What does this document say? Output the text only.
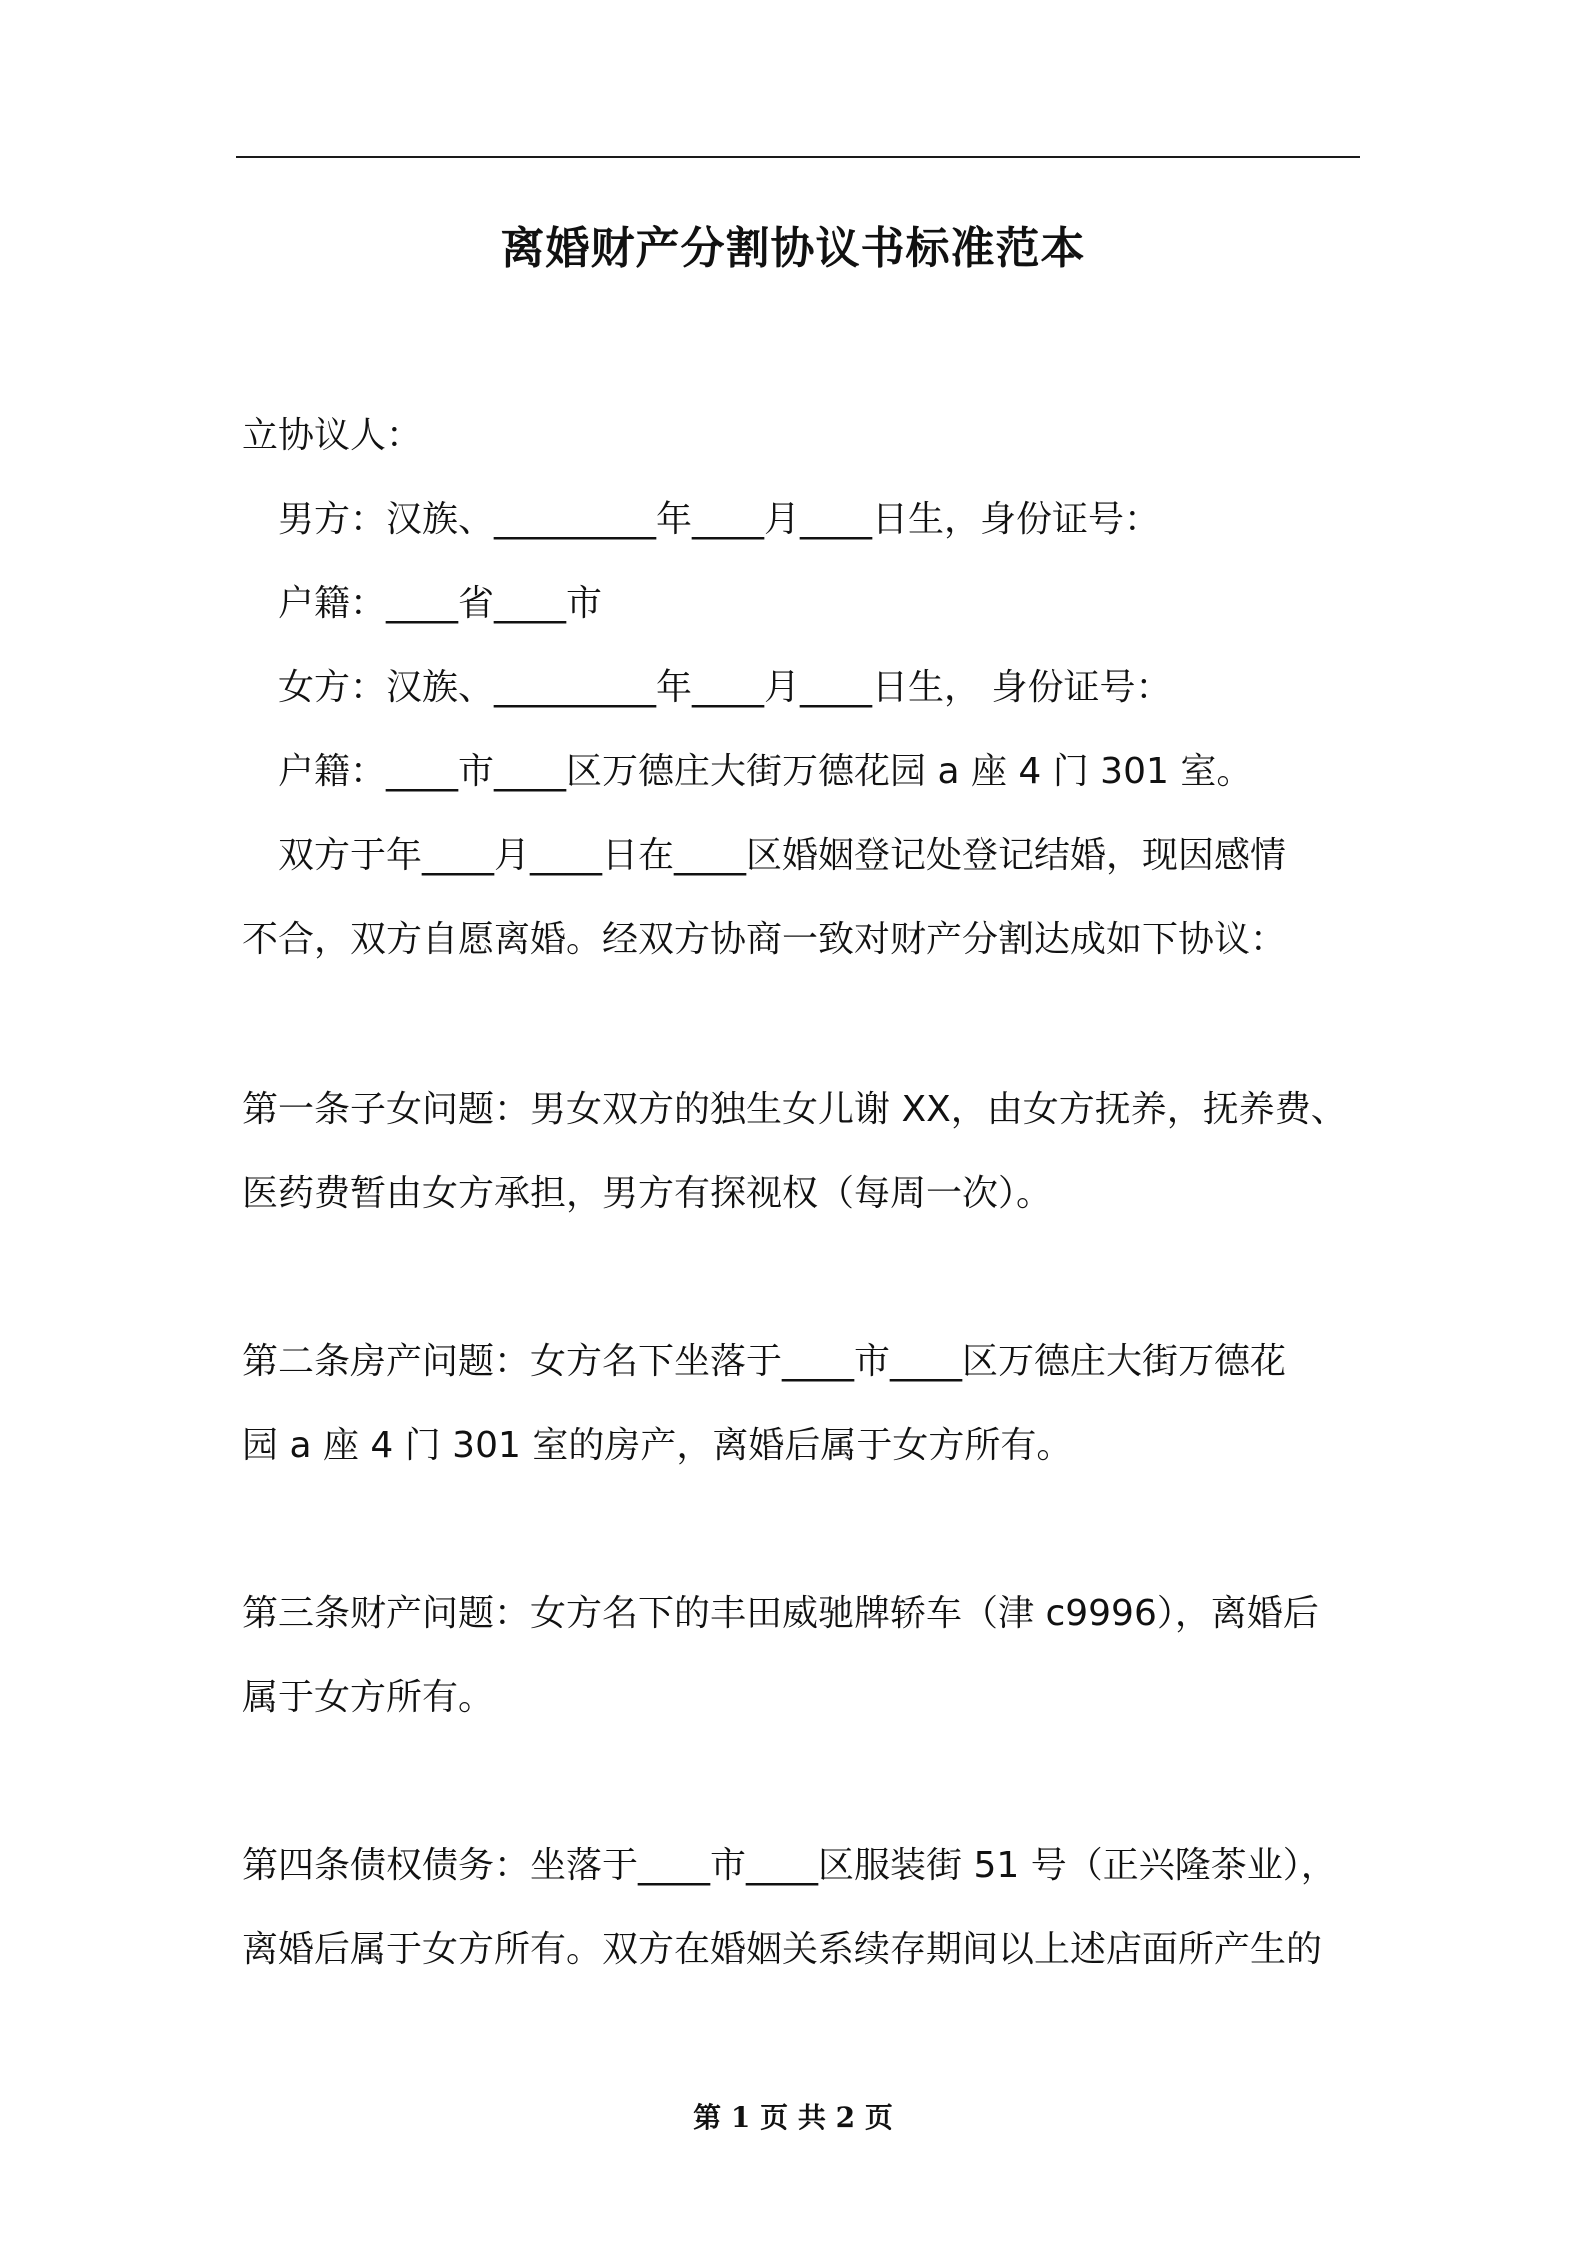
离婚财产分割协议书标准范本
立协议人：
男方：汉族、_________年____月____日生，身份证号：
户籍：____省____市
女方：汉族、_________年____月____日生， 身份证号：
户籍：____市____区万德庄大街万德花园 a 座 4 门 301 室。
双方于年____月____日在____区婚姻登记处登记结婚，现因感情
不合，双方自愿离婚。经双方协商一致对财产分割达成如下协议：
第一条子女问题：男女双方的独生女儿谢 XX，由女方抚养，抚养费、
医药费暂由女方承担，男方有探视权（每周一次）。
第二条房产问题：女方名下坐落于____市____区万德庄大街万德花
园 a 座 4 门 301 室的房产，离婚后属于女方所有。
第三条财产问题：女方名下的丰田威驰牌轿车（津 c9996），离婚后
属于女方所有。
第四条债权债务：坐落于____市____区服装街 51 号（正兴隆茶业），
离婚后属于女方所有。双方在婚姻关系续存期间以上述店面所产生的
第 1 页 共 2 页
